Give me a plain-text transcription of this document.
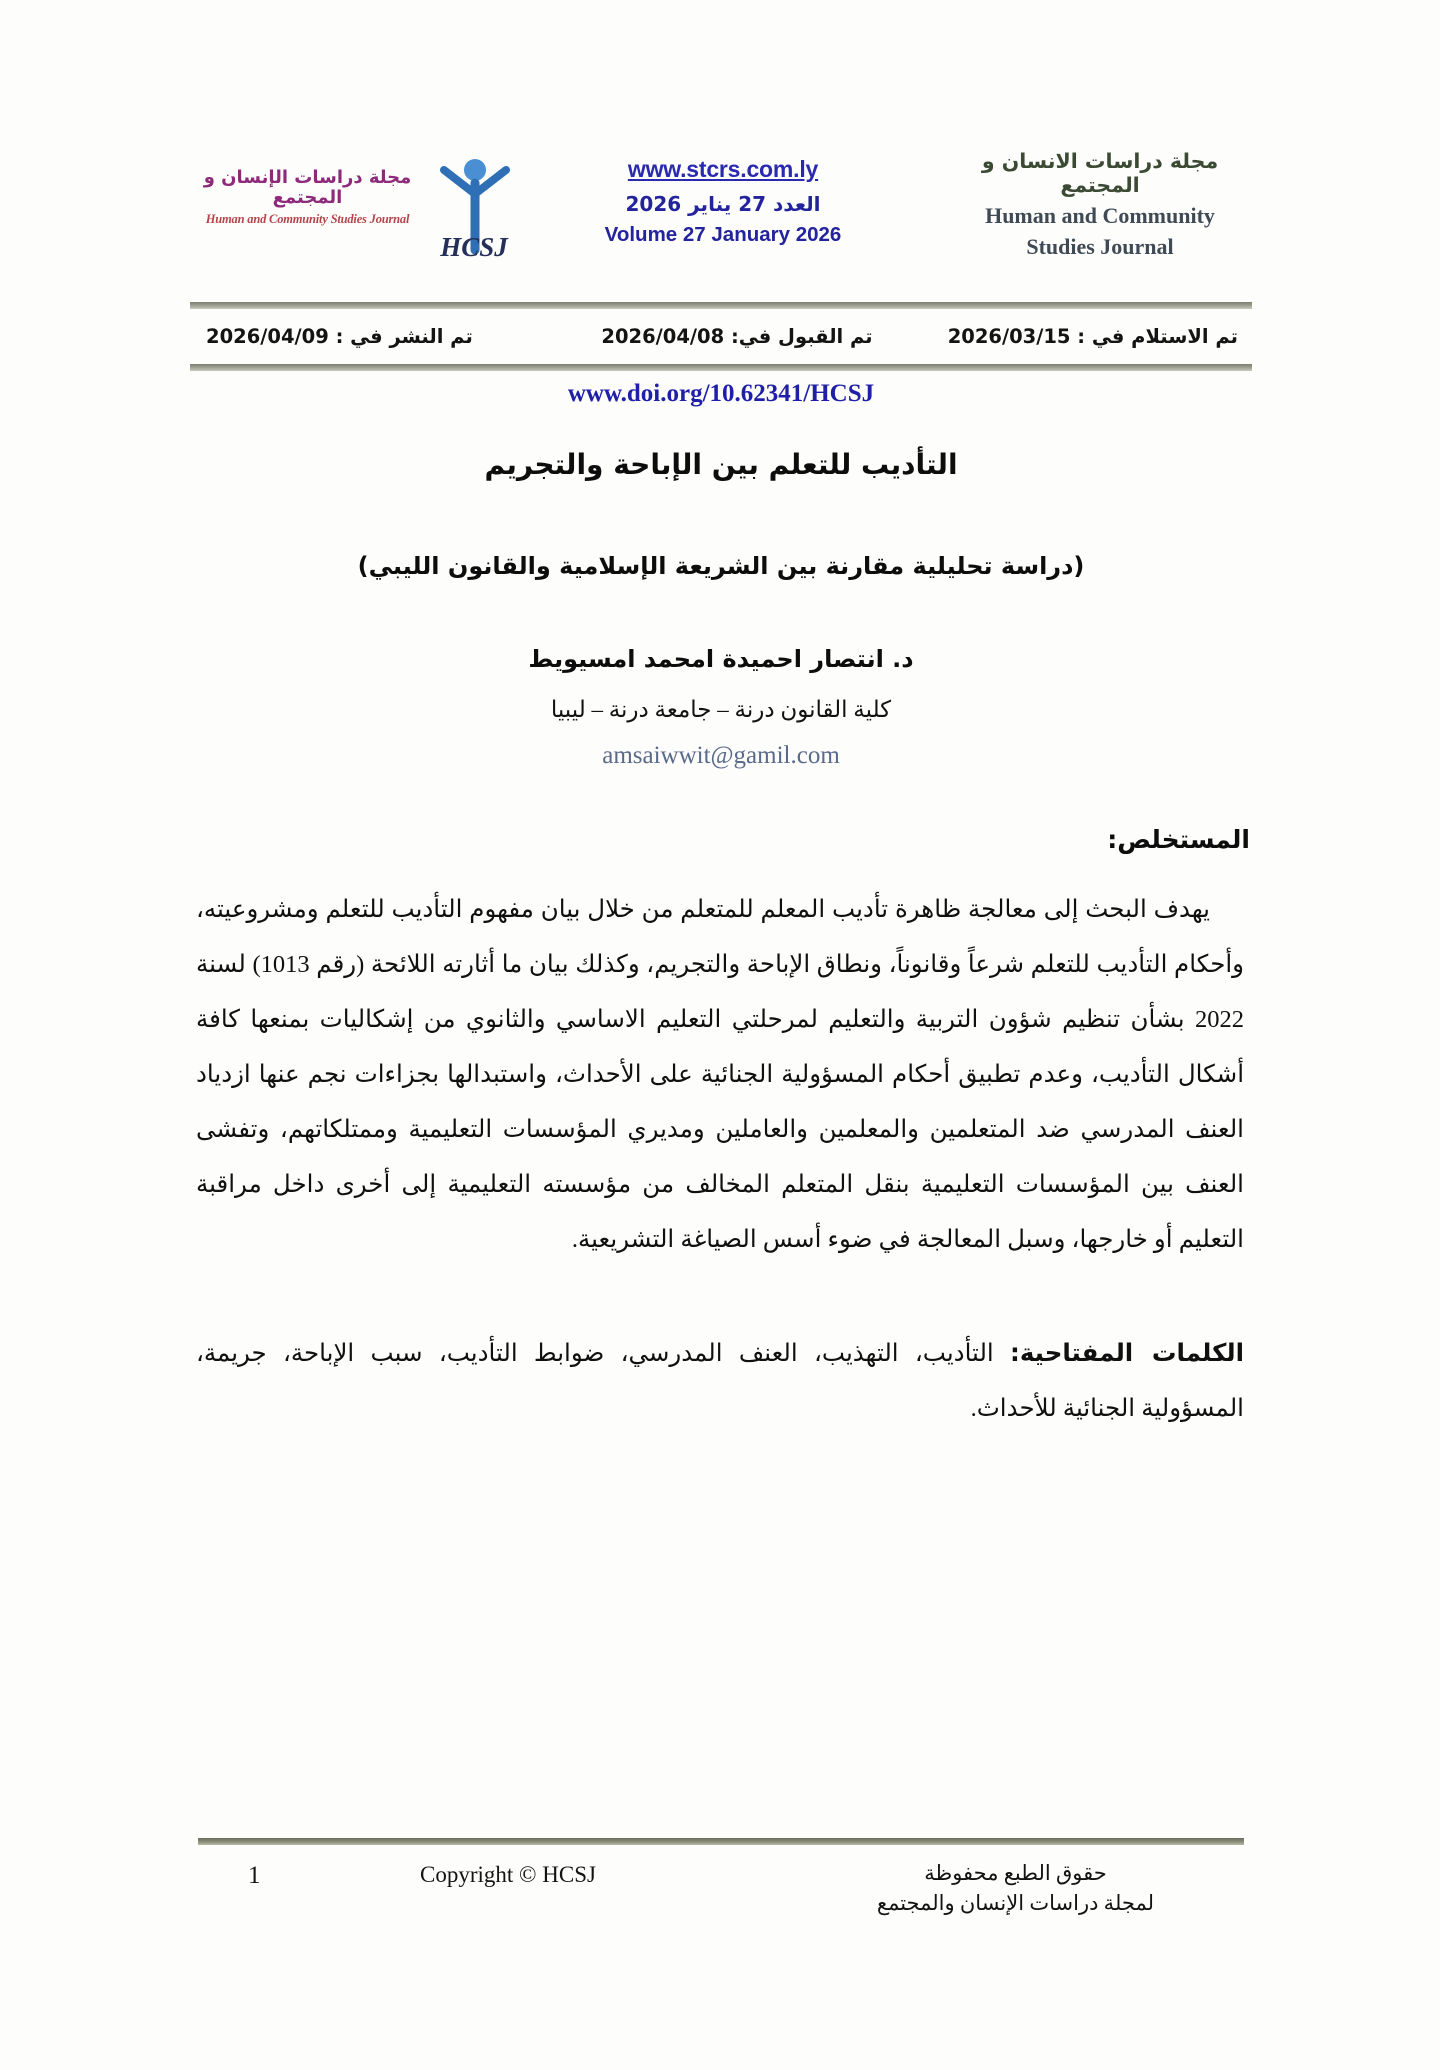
مجلة دراسات الانسان و المجتمع
Human and Community
Studies Journal
www.stcrs.com.ly
العدد 27 يناير 2026
Volume 27 January 2026
مجلة دراسات الإنسان و المجتمع
Human and Community Studies Journal
HCSJ
تم الاستلام في : 2026/03/15
تم القبول في: 2026/04/08
تم النشر في : 2026/04/09
www.doi.org/10.62341/HCSJ
التأديب للتعلم بين الإباحة والتجريم
(دراسة تحليلية مقارنة بين الشريعة الإسلامية والقانون الليبي)
د. انتصار احميدة امحمد امسيويط
كلية القانون درنة – جامعة درنة – ليبيا
amsaiwwit@gamil.com
المستخلص:

يهدف البحث إلى معالجة ظاهرة تأديب المعلم للمتعلم من خلال بيان مفهوم التأديب للتعلم ومشروعيته، وأحكام التأديب للتعلم شرعاً وقانوناً، ونطاق الإباحة والتجريم، وكذلك بيان ما أثارته اللائحة (رقم 1013) لسنة 2022 بشأن تنظيم شؤون التربية والتعليم لمرحلتي التعليم الاساسي والثانوي من إشكاليات بمنعها كافة أشكال التأديب، وعدم تطبيق أحكام المسؤولية الجنائية على الأحداث، واستبدالها بجزاءات نجم عنها ازدياد العنف المدرسي ضد المتعلمين والمعلمين والعاملين ومديري المؤسسات التعليمية وممتلكاتهم، وتفشى العنف بين المؤسسات التعليمية بنقل المتعلم المخالف من مؤسسته التعليمية إلى أخرى داخل مراقبة التعليم أو خارجها، وسبل المعالجة في ضوء أسس الصياغة التشريعية.

الكلمات المفتاحية: التأديب، التهذيب، العنف المدرسي، ضوابط التأديب، سبب الإباحة، جريمة، المسؤولية الجنائية للأحداث.
حقوق الطبع محفوظة
لمجلة دراسات الإنسان والمجتمع
Copyright © HCSJ
1
